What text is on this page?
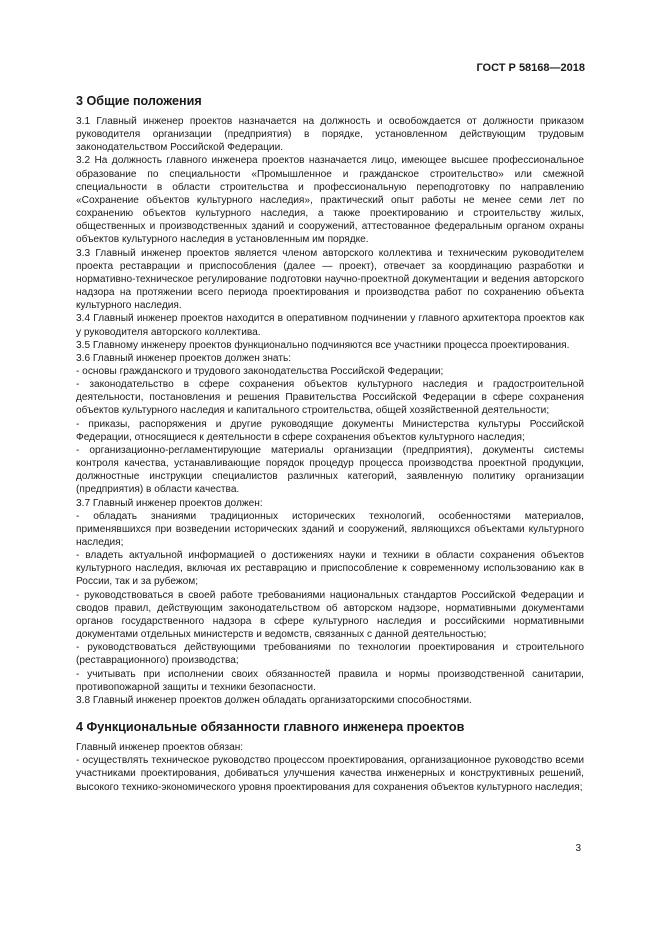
ГОСТ Р 58168—2018
3 Общие положения

3.1 Главный инженер проектов назначается на должность и освобождается от должности приказом руководителя организации (предприятия) в порядке, установленном действующим трудовым законодательством Российской Федерации.

3.2 На должность главного инженера проектов назначается лицо, имеющее высшее профессиональное образование по специальности «Промышленное и гражданское строительство» или смежной специальности в области строительства и профессиональную переподготовку по направлению «Сохранение объектов культурного наследия», практический опыт работы не менее семи лет по сохранению объектов культурного наследия, а также проектированию и строительству жилых, общественных и производственных зданий и сооружений, аттестованное федеральным органом охраны объектов культурного наследия в установленным им порядке.

3.3 Главный инженер проектов является членом авторского коллектива и техническим руководителем проекта реставрации и приспособления (далее — проект), отвечает за координацию разработки и нормативно-техническое регулирование подготовки научно-проектной документации и ведения авторского надзора на протяжении всего периода проектирования и производства работ по сохранению объекта культурного наследия.

3.4 Главный инженер проектов находится в оперативном подчинении у главного архитектора проектов как у руководителя авторского коллектива.

3.5 Главному инженеру проектов функционально подчиняются все участники процесса проектирования.

3.6 Главный инженер проектов должен знать:

- основы гражданского и трудового законодательства Российской Федерации;

- законодательство в сфере сохранения объектов культурного наследия и градостроительной деятельности, постановления и решения Правительства Российской Федерации в сфере сохранения объектов культурного наследия и капитального строительства, общей хозяйственной деятельности;

- приказы, распоряжения и другие руководящие документы Министерства культуры Российской Федерации, относящиеся к деятельности в сфере сохранения объектов культурного наследия;

- организационно-регламентирующие материалы организации (предприятия), документы системы контроля качества, устанавливающие порядок процедур процесса производства проектной продукции, должностные инструкции специалистов различных категорий, заявленную политику организации (предприятия) в области качества.

3.7 Главный инженер проектов должен:

- обладать знаниями традиционных исторических технологий, особенностями материалов, применявшихся при возведении исторических зданий и сооружений, являющихся объектами культурного наследия;

- владеть актуальной информацией о достижениях науки и техники в области сохранения объектов культурного наследия, включая их реставрацию и приспособление к современному использованию как в России, так и за рубежом;

- руководствоваться в своей работе требованиями национальных стандартов Российской Федерации и сводов правил, действующим законодательством об авторском надзоре, нормативными документами органов государственного надзора в сфере культурного наследия и российскими нормативными документами отдельных министерств и ведомств, связанных с данной деятельностью;

- руководствоваться действующими требованиями по технологии проектирования и строительного (реставрационного) производства;

- учитывать при исполнении своих обязанностей правила и нормы производственной санитарии, противопожарной защиты и техники безопасности.

3.8 Главный инженер проектов должен обладать организаторскими способностями.

4 Функциональные обязанности главного инженера проектов

Главный инженер проектов обязан:

- осуществлять техническое руководство процессом проектирования, организационное руководство всеми участниками проектирования, добиваться улучшения качества инженерных и конструктивных решений, высокого технико-экономического уровня проектирования для сохранения объектов культурного наследия;

3
